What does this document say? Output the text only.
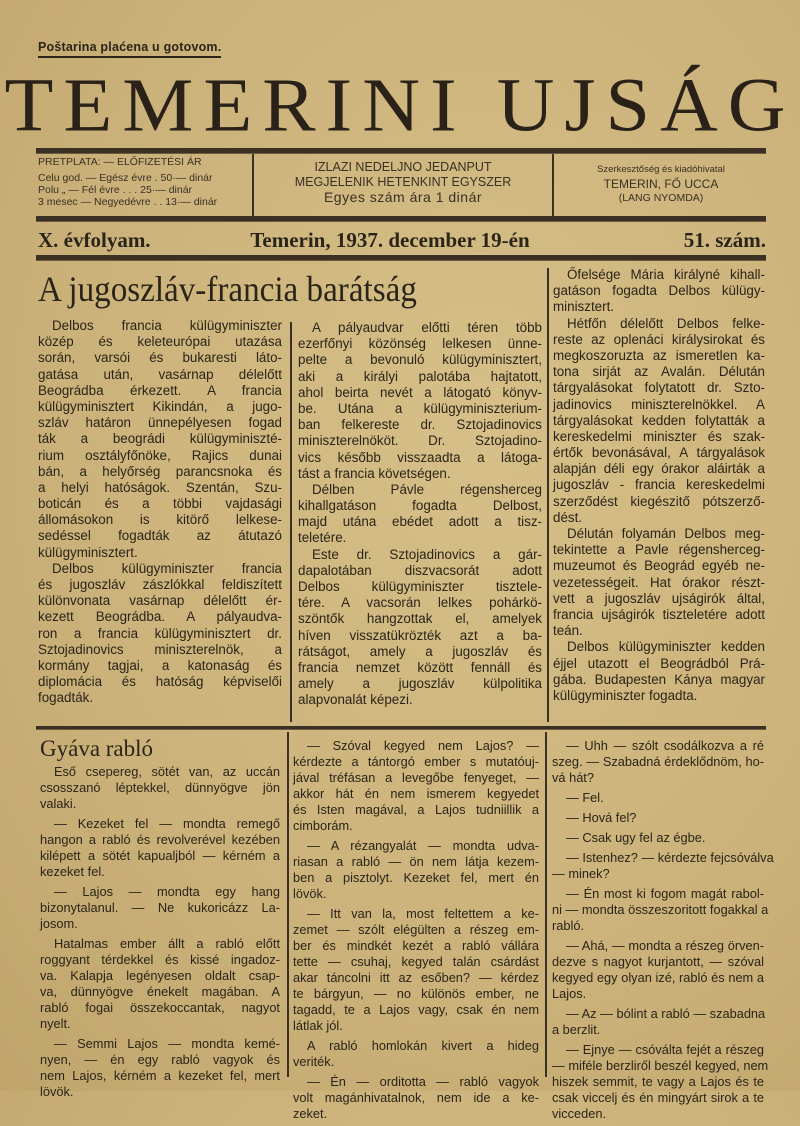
Poštarina plaćena u gotovom.
TEMERINI UJSÁG
PRETPLATA: — ELŐFIZETÉSI ÁR
Celu god. — Egész évre . 50·— dinár
Polu „ — Fél évre . . . 25·— dinár
3 mesec — Negyedévre . . 13·— dinár
IZLAZI NEDELJNO JEDANPUT
MEGJELENIK HETENKINT EGYSZER
Egyes szám ára 1 dinár
Szerkesztőség és kiadóhivatal
TEMERIN, FŐ UCCA
(LANG NYOMDA)
X. évfolyam.	Temerin, 1937. december 19-én	51. szám.
A jugoszláv-francia barátság
Delbos francia külügyminiszter
közép és keleteurópai utazása
során, varsói és bukaresti láto-
gatása után, vasárnap délelőtt
Beográdba érkezett. A francia
külügyminisztert Kikindán, a jugo-
szláv határon ünnepélyesen fogad
ták a beográdi külügyminiszté-
rium osztályfőnöke, Rajics dunai
bán, a helyőrség parancsnoka és
a helyi hatóságok. Szentán, Szu-
boticán és a többi vajdasági
állomásokon is kitörő lelkese-
sedéssel fogadták az átutazó
külügyminisztert.
Delbos külügyminiszter francia
és jugoszláv zászlókkal feldiszített
különvonata vasárnap délelőtt ér-
kezett Beográdba. A pályaudva-
ron a francia külügyminisztert dr.
Sztojadinovics miniszterelnök, a
kormány tagjai, a katonaság és
diplomácia és hatóság képviselői
fogadták.
A pályaudvar előtti téren több
ezerfőnyi közönség lelkesen ünne-
pelte a bevonuló külügyminisztert,
aki a királyi palotába hajtatott,
ahol beirta nevét a látogató könyv-
be. Utána a külügyminiszterium-
ban felkereste dr. Sztojadinovics
miniszterelnököt. Dr. Sztojadino-
vics később visszaadta a látoga-
tást a francia követségen.
Délben Pávle régensherceg
kihallgatáson fogadta Delbost,
majd utána ebédet adott a tisz-
teletére.
Este dr. Sztojadinovics a gár-
dapalotában diszvacsorát adott
Delbos külügyminiszter tisztele-
tére. A vacsorán lelkes pohárkö-
szöntők hangzottak el, amelyek
híven visszatükrözték azt a ba-
rátságot, amely a jugoszláv és
francia nemzet között fennáll és
amely a jugoszláv külpolitika
alapvonalát képezi.
Őfelsége Mária királyné kihall-
gatáson fogadta Delbos külügy-
minisztert.
Hétfőn délelőtt Delbos felke-
reste az oplenáci királysirokat és
megkoszoruzta az ismeretlen ka-
tona sirját az Avalán. Délután
tárgyalásokat folytatott dr. Szto-
jadinovics miniszterelnökkel. A
tárgyalásokat kedden folytatták a
kereskedelmi miniszter és szak-
értők bevonásával, A tárgyalások
alapján déli egy órakor aláirták a
jugoszláv - francia kereskedelmi
szerződést kiegészitő pótszerző-
dést.
Délután folyamán Delbos meg-
tekintette a Pavle régensherceg-
muzeumot és Beográd egyéb ne-
vezetességeit. Hat órakor részt-
vett a jugoszláv ujságirók által,
francia ujságirók tiszteletére adott
teán.
Delbos külügyminiszter kedden
éjjel utazott el Beográdból Prá-
gába. Budapesten Kánya magyar
külügyminiszter fogadta.
Gyáva rabló
Eső csepereg, sötét van, az uccán
csosszanó léptekkel, dünnyögve jön
valaki.
— Kezeket fel — mondta remegő
hangon a rabló és revolverével kezében
kilépett a sötét kapualjból — kérném a
kezeket fel.
— Lajos — mondta egy hang
bizonytalanul. — Ne kukoricázz La-
josom.
Hatalmas ember állt a rabló előtt
roggyant térdekkel és kissé ingadoz-
va. Kalapja legényesen oldalt csap-
va, dünnyögve énekelt magában. A
rabló fogai összekoccantak, nagyot
nyelt.
— Semmi Lajos — mondta kemé-
nyen, — én egy rabló vagyok és
nem Lajos, kérném a kezeket fel, mert
lövök.
— Szóval kegyed nem Lajos? —
kérdezte a tántorgó ember s mutatóuj-
jával tréfásan a levegőbe fenyeget, —
akkor hát én nem ismerem kegyedet
és Isten magával, a Lajos tudniillik a
cimborám.
— A rézangyalát — mondta udva-
riasan a rabló — ön nem látja kezem-
ben a pisztolyt. Kezeket fel, mert én
lövök.
— Itt van la, most feltettem a ke-
zemet — szólt elégülten a részeg em-
ber és mindkét kezét a rabló vállára
tette — csuhaj, kegyed talán csárdást
akar táncolni itt az esőben? — kérdez
te bárgyun, — no különös ember, ne
tagadd, te a Lajos vagy, csak én nem
látlak jól.
A rabló homlokán kivert a hideg
veriték.
— Én — orditotta — rabló vagyok
volt magánhivatalnok, nem ide a ke-
zeket.
— Uhh — szólt csodálkozva a ré
szeg. — Szabadná érdeklődnöm, ho-
vá hát?
— Fel.
— Hová fel?
— Csak ugy fel az égbe.
— Istenhez? — kérdezte fejcsóválva
— minek?
— Én most ki fogom magát rabol-
ni — mondta összeszoritott fogakkal a
rabló.
— Ahá, — mondta a részeg örven-
dezve s nagyot kurjantott, — szóval
kegyed egy olyan izé, rabló és nem a
Lajos.
— Az — bólint a rabló — szabadna
a berzlit.
— Ejnye — csóválta fejét a részeg
— miféle berzliről beszél kegyed, nem
hiszek semmit, te vagy a Lajos és te
csak viccelj és én mingyárt sirok a te
vicceden.
